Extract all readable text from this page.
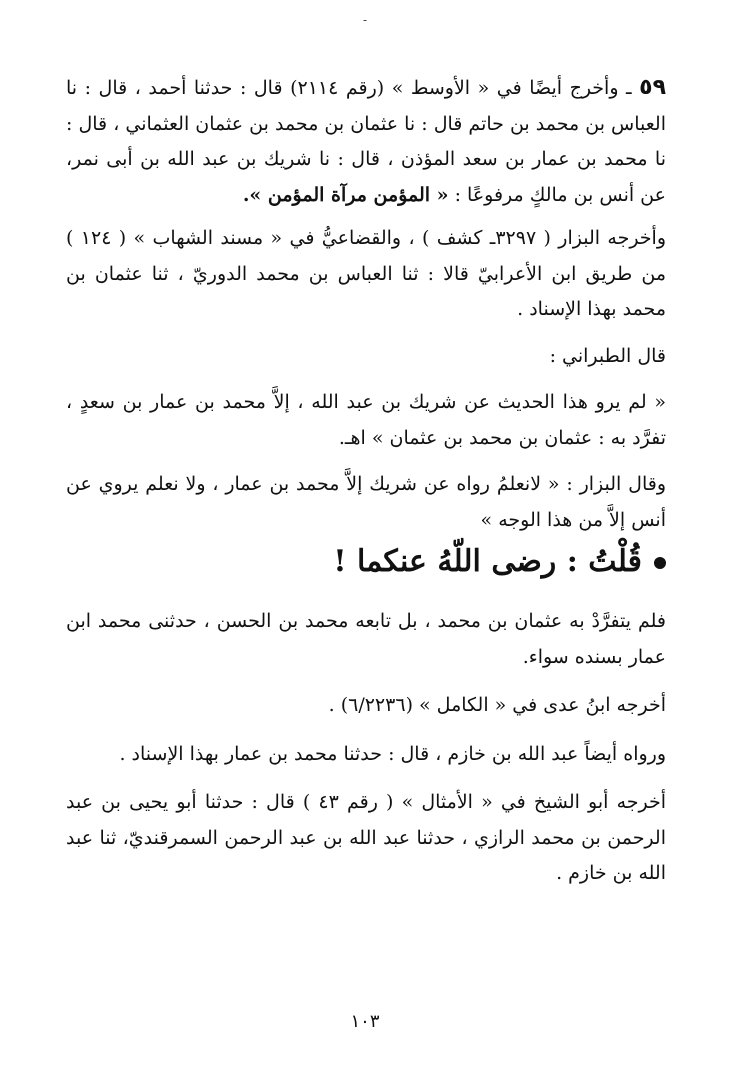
-

٥٩ ـ وأخرج أيضًا في « الأوسط » (رقم ٢١١٤) قال : حدثنا أحمد ، قال : نا العباس بن محمد بن حاتم قال : نا عثمان بن محمد بن عثمان العثماني ، قال : نا محمد بن عمار بن سعد المؤذن ، قال : نا شريك بن عبد الله بن أبى نمر، عن أنس بن مالكٍ مرفوعًا : « المؤمن مرآة المؤمن ».

وأخرجه البزار ( ٣٢٩٧ـ كشف ) ، والقضاعيُّ في « مسند الشهاب » ( ١٢٤ ) من طريق ابن الأعرابيّ قالا : ثنا العباس بن محمد الدوريّ ، ثنا عثمان بن محمد بهذا الإسناد .

قال الطبراني :

« لم يرو هذا الحديث عن شريك بن عبد الله ، إلاَّ محمد بن عمار بن سعدٍ ، تفرَّد به : عثمان بن محمد بن عثمان » اهـ.

وقال البزار : « لانعلمُ رواه عن شريك إلاَّ محمد بن عمار ، ولا نعلم يروي عن أنس إلاَّ من هذا الوجه »

قُلْتُ : رضى اللّهُ عنكما !

فلم يتفرَّدْ به عثمان بن محمد ، بل تابعه محمد بن الحسن ، حدثنى محمد ابن عمار بسنده سواء.

أخرجه ابنُ عدى في « الكامل » (٦/٢٢٣٦) .

ورواه أيضاً عبد الله بن خازم ، قال : حدثنا محمد بن عمار بهذا الإسناد .

أخرجه أبو الشيخ في « الأمثال » ( رقم ٤٣ ) قال : حدثنا أبو يحيى بن عبد الرحمن بن محمد الرازي ، حدثنا عبد الله بن عبد الرحمن السمرقنديّ، ثنا عبد الله بن خازم .

١٠٣
